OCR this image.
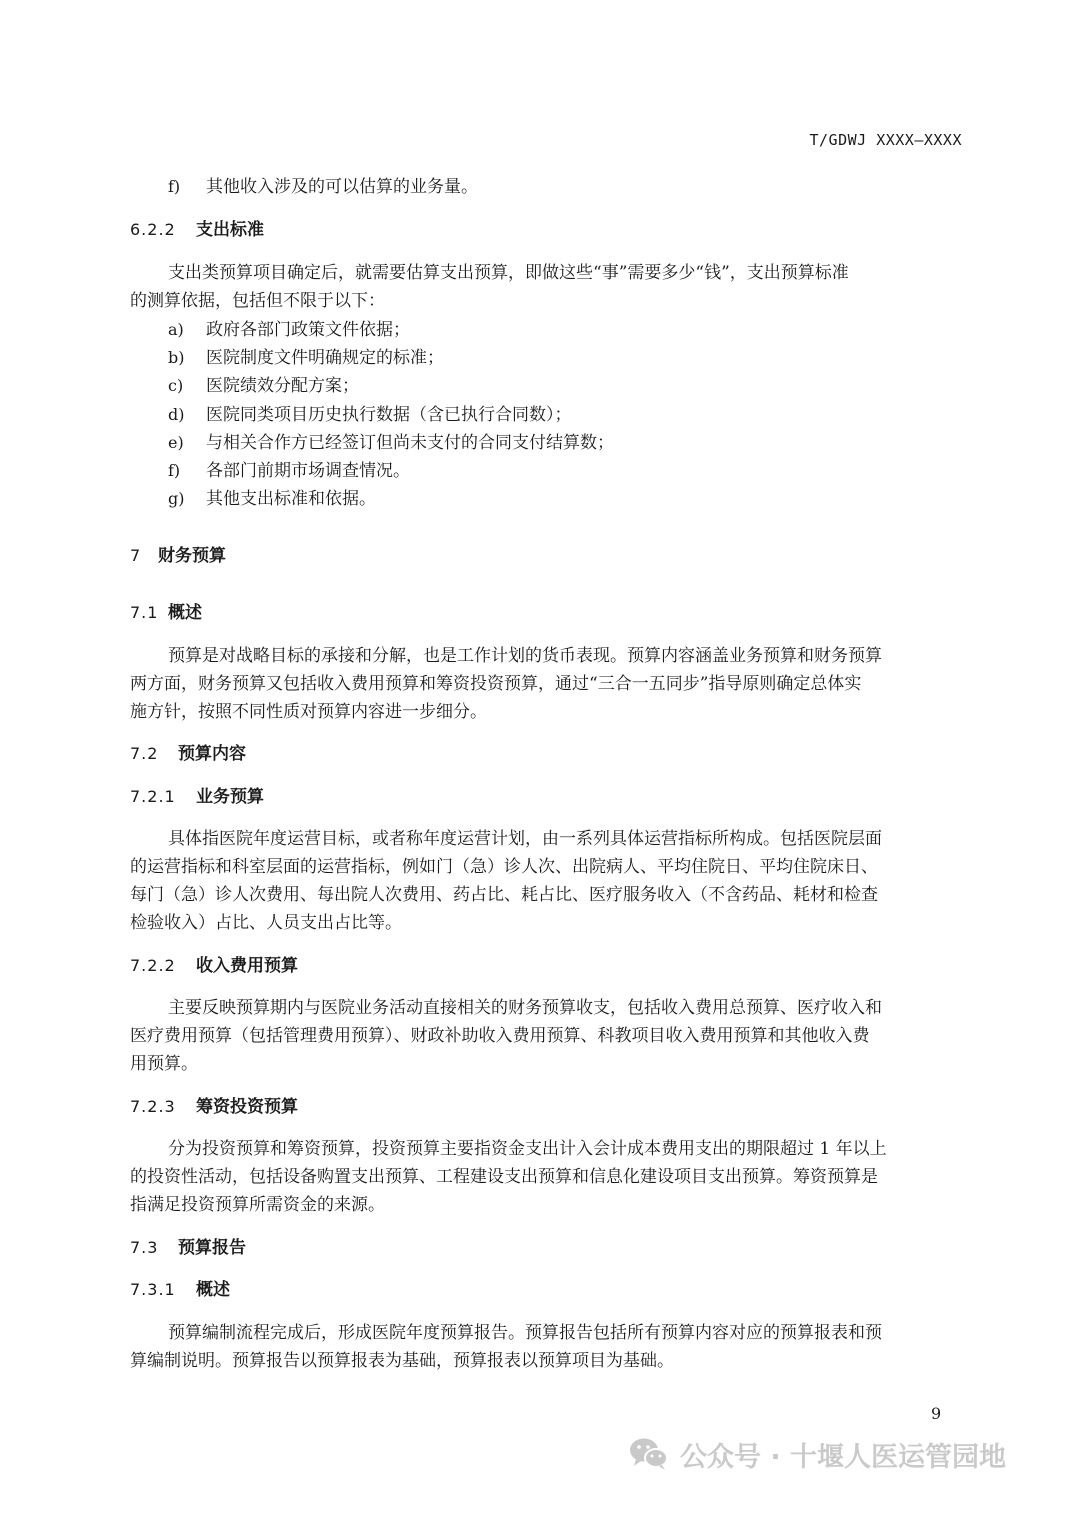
T/GDWJ XXXX—XXXX
f) 其他收入涉及的可以估算的业务量。
6.2.2 支出标准
支出类预算项目确定后，就需要估算支出预算，即做这些“事”需要多少“钱”，支出预算标准
的测算依据，包括但不限于以下：
a) 政府各部门政策文件依据；
b) 医院制度文件明确规定的标准；
c) 医院绩效分配方案；
d) 医院同类项目历史执行数据（含已执行合同数）；
e) 与相关合作方已经签订但尚未支付的合同支付结算数；
f) 各部门前期市场调查情况。
g) 其他支出标准和依据。
7 财务预算
7.1 概述
预算是对战略目标的承接和分解，也是工作计划的货币表现。预算内容涵盖业务预算和财务预算
两方面，财务预算又包括收入费用预算和筹资投资预算，通过“三合一五同步”指导原则确定总体实
施方针，按照不同性质对预算内容进一步细分。
7.2 预算内容
7.2.1 业务预算
具体指医院年度运营目标，或者称年度运营计划，由一系列具体运营指标所构成。包括医院层面
的运营指标和科室层面的运营指标，例如门（急）诊人次、出院病人、平均住院日、平均住院床日、
每门（急）诊人次费用、每出院人次费用、药占比、耗占比、医疗服务收入（不含药品、耗材和检查
检验收入）占比、人员支出占比等。
7.2.2 收入费用预算
主要反映预算期内与医院业务活动直接相关的财务预算收支，包括收入费用总预算、医疗收入和
医疗费用预算（包括管理费用预算）、财政补助收入费用预算、科教项目收入费用预算和其他收入费
用预算。
7.2.3 筹资投资预算
分为投资预算和筹资预算，投资预算主要指资金支出计入会计成本费用支出的期限超过 1 年以上
的投资性活动，包括设备购置支出预算、工程建设支出预算和信息化建设项目支出预算。筹资预算是
指满足投资预算所需资金的来源。
7.3 预算报告
7.3.1 概述
预算编制流程完成后，形成医院年度预算报告。预算报告包括所有预算内容对应的预算报表和预
算编制说明。预算报告以预算报表为基础，预算报表以预算项目为基础。
9
公众号 · 十堰人医运管园地
